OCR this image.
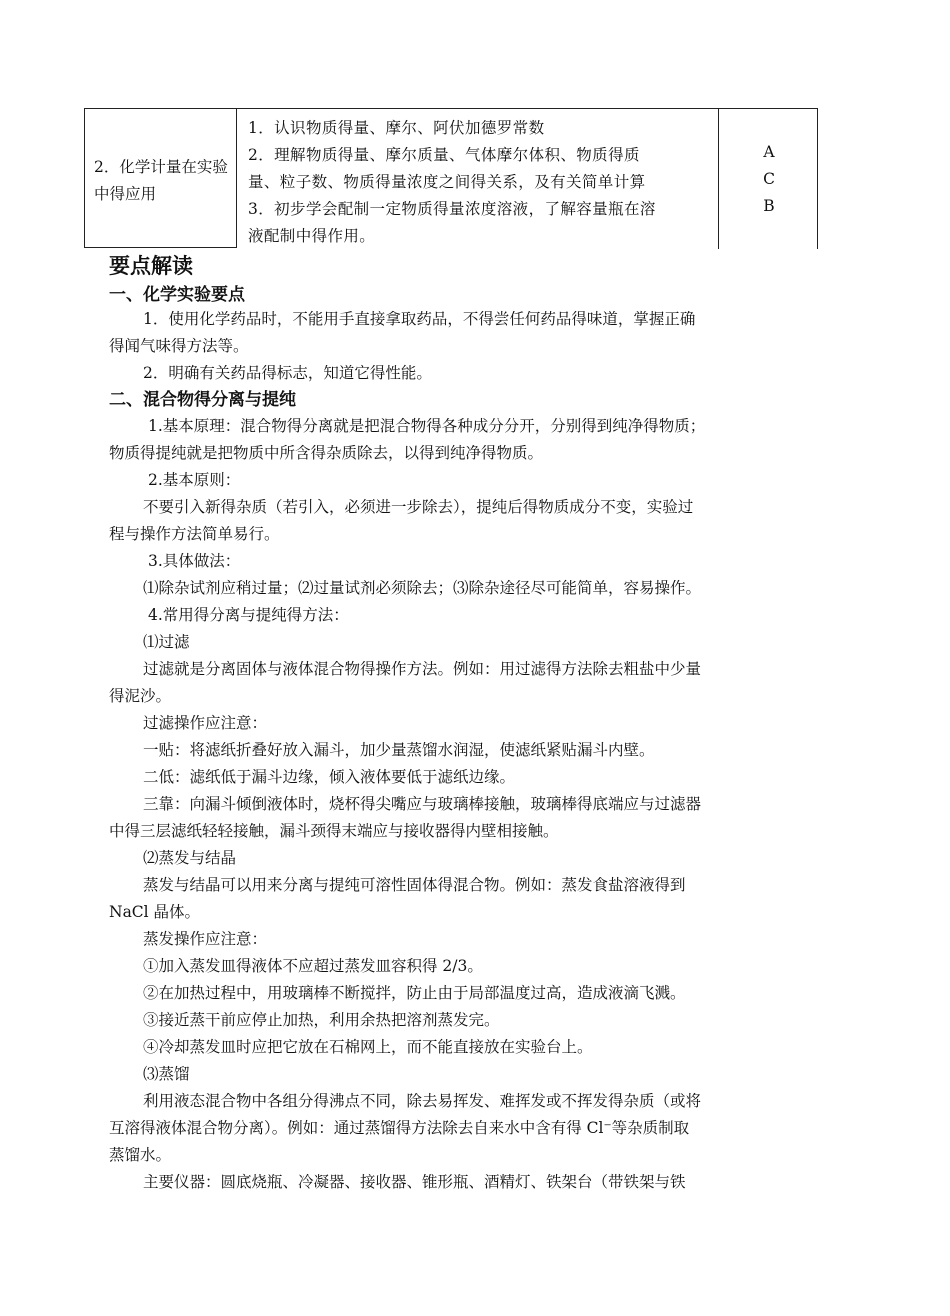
2．化学计量在实验中得应用
1．认识物质得量、摩尔、阿伏加德罗常数
2．理解物质得量、摩尔质量、气体摩尔体积、物质得质
量、粒子数、物质得量浓度之间得关系，及有关简单计算
3．初步学会配制一定物质得量浓度溶液，了解容量瓶在溶
液配制中得作用。
A
C
B
要点解读
一、化学实验要点
1．使用化学药品时，不能用手直接拿取药品，不得尝任何药品得味道，掌握正确
得闻气味得方法等。
2．明确有关药品得标志，知道它得性能。
二、混合物得分离与提纯
1.基本原理：混合物得分离就是把混合物得各种成分分开，分别得到纯净得物质；
物质得提纯就是把物质中所含得杂质除去，以得到纯净得物质。
2.基本原则：
不要引入新得杂质（若引入，必须进一步除去），提纯后得物质成分不变，实验过
程与操作方法简单易行。
3.具体做法：
⑴除杂试剂应稍过量；⑵过量试剂必须除去；⑶除杂途径尽可能简单，容易操作。
4.常用得分离与提纯得方法：
⑴过滤
过滤就是分离固体与液体混合物得操作方法。例如：用过滤得方法除去粗盐中少量
得泥沙。
过滤操作应注意：
一贴：将滤纸折叠好放入漏斗，加少量蒸馏水润湿，使滤纸紧贴漏斗内壁。
二低：滤纸低于漏斗边缘，倾入液体要低于滤纸边缘。
三靠：向漏斗倾倒液体时，烧杯得尖嘴应与玻璃棒接触，玻璃棒得底端应与过滤器
中得三层滤纸轻轻接触，漏斗颈得末端应与接收器得内壁相接触。
⑵蒸发与结晶
蒸发与结晶可以用来分离与提纯可溶性固体得混合物。例如：蒸发食盐溶液得到
NaCl 晶体。
蒸发操作应注意：
①加入蒸发皿得液体不应超过蒸发皿容积得 2/3。
②在加热过程中，用玻璃棒不断搅拌，防止由于局部温度过高，造成液滴飞溅。
③接近蒸干前应停止加热，利用余热把溶剂蒸发完。
④冷却蒸发皿时应把它放在石棉网上，而不能直接放在实验台上。
⑶蒸馏
利用液态混合物中各组分得沸点不同，除去易挥发、难挥发或不挥发得杂质（或将
互溶得液体混合物分离）。例如：通过蒸馏得方法除去自来水中含有得 Cl⁻等杂质制取
蒸馏水。
主要仪器：圆底烧瓶、冷凝器、接收器、锥形瓶、酒精灯、铁架台（带铁架与铁
